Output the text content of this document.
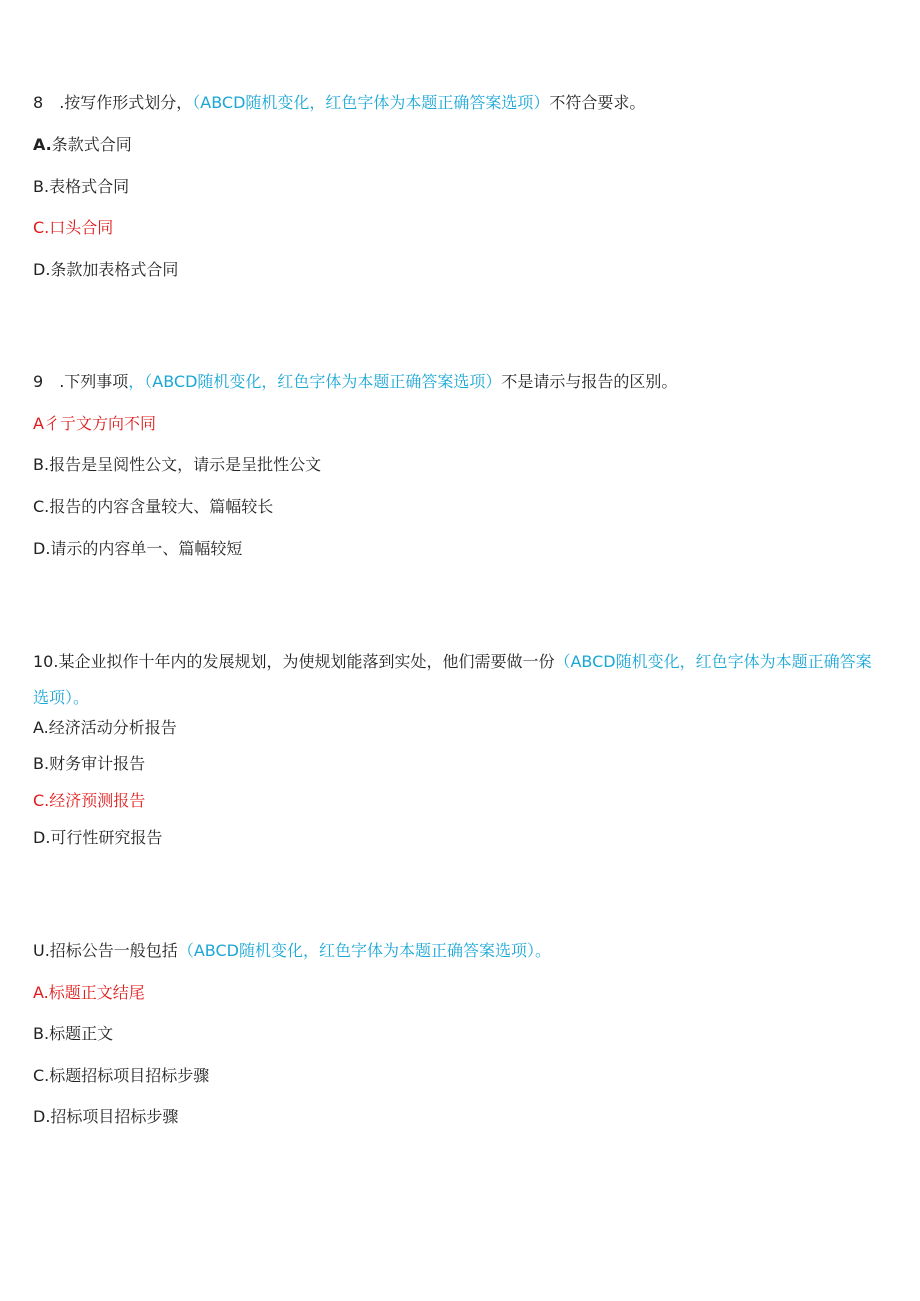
8 .按写作形式划分，（ABCD随机变化，红色字体为本题正确答案选项）不符合要求。
A.条款式合同
B.表格式合同
C.口头合同
D.条款加表格式合同
9 .下列事项，（ABCD随机变化，红色字体为本题正确答案选项）不是请示与报告的区别。
A彳亍文方向不同
B.报告是呈阅性公文，请示是呈批性公文
C.报告的内容含量较大、篇幅较长
D.请示的内容单一、篇幅较短
10.某企业拟作十年内的发展规划，为使规划能落到实处，他们需要做一份（ABCD随机变化，红色字体为本题正确答案选项）。
A.经济活动分析报告
B.财务审计报告
C.经济预测报告
D.可行性研究报告
U.招标公告一般包括（ABCD随机变化，红色字体为本题正确答案选项）。
A.标题正文结尾
B.标题正文
C.标题招标项目招标步骤
D.招标项目招标步骤
